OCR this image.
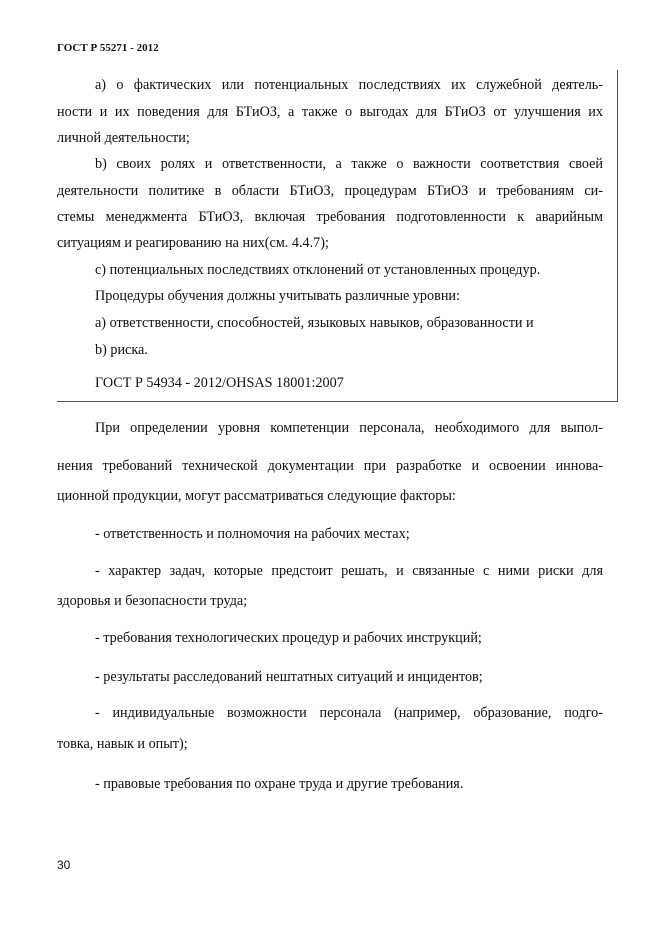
ГОСТ Р 55271 - 2012
а) о фактических или потенциальных последствиях их служебной деятель-
ности и их поведения для БТиОЗ, а также о выгодах для БТиОЗ от улучшения их
личной деятельности;
b) своих ролях и ответственности, а также о важности соответствия своей
деятельности политике в области БТиОЗ, процедурам БТиОЗ и требованиям си-
стемы менеджмента БТиОЗ, включая требования подготовленности к аварийным
ситуациям и реагированию на них(см. 4.4.7);
с) потенциальных последствиях отклонений от установленных процедур.
Процедуры обучения должны учитывать различные уровни:
а) ответственности, способностей, языковых навыков, образованности и
b) риска.
ГОСТ Р 54934 - 2012/OHSAS 18001:2007
При определении уровня компетенции персонала, необходимого для выпол-
нения требований технической документации при разработке и освоении иннова-
ционной продукции, могут рассматриваться следующие факторы:
- ответственность и полномочия на рабочих местах;
- характер задач, которые предстоит решать, и связанные с ними риски для
здоровья и безопасности труда;
- требования технологических процедур и рабочих инструкций;
- результаты расследований нештатных ситуаций и инцидентов;
- индивидуальные возможности персонала (например, образование, подго-
товка, навык и опыт);
- правовые требования по охране труда и другие требования.
30
